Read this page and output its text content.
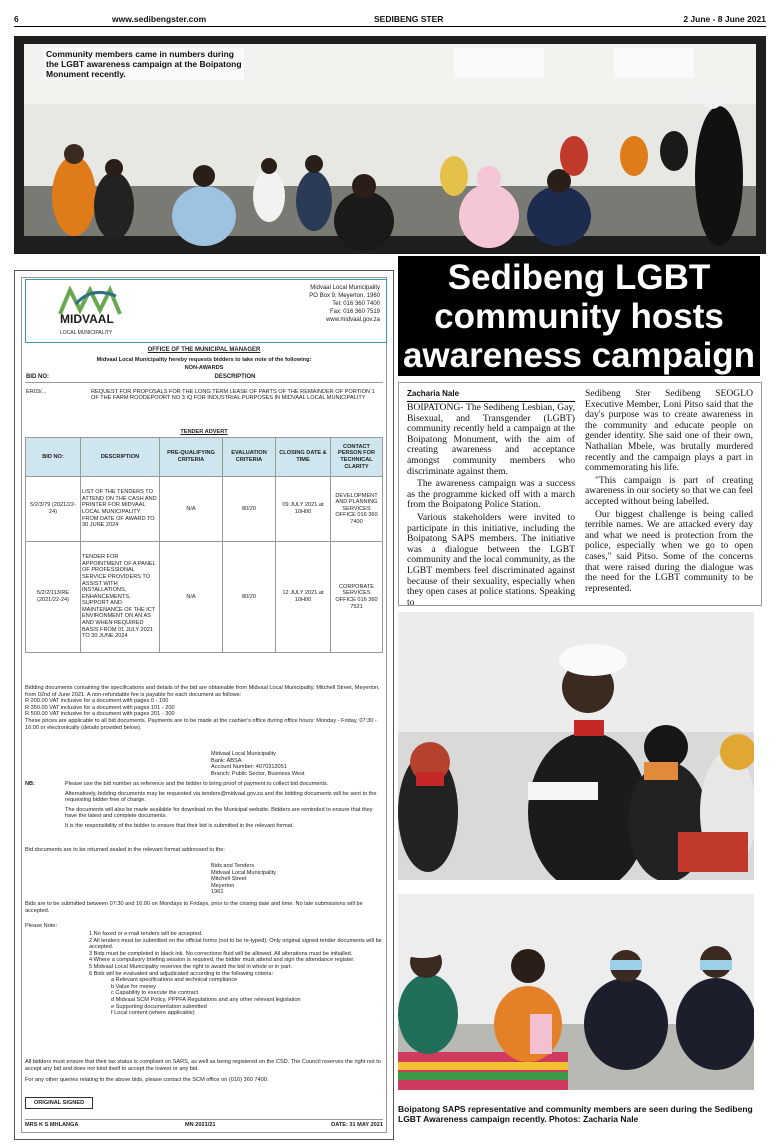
6	www.sedibengster.com	SEDIBENG STER	2 June - 8 June 2021
Community members came in numbers during the LGBT awareness campaign at the Boipatong Monument recently.
Sedibeng LGBT community hosts awareness campaign
Zacharia Nale

BOIPATONG- The Sedibeng Lesbian, Gay, Bisexual, and Transgender (LGBT) community recently held a campaign at the Boipatong Monument, with the aim of creating awareness and acceptance amongst community members who discriminate against them.

The awareness campaign was a success as the programme kicked off with a march from the Boipatong Police Station.

Various stakeholders were invited to participate in this initiative, including the Boipatong SAPS members. The initiative was a dialogue between the LGBT community and the local community, as the LGBT members feel discriminated against because of their sexuality, especially when they open cases at police stations. Speaking to

Sedibeng Ster Sedibeng SEOGLO Executive Member, Loni Pitso said that the day's purpose was to create awareness in the community and educate people on gender identity. She said one of their own, Nathalian Mbele, was brutally murdered recently and the campaign plays a part in commemorating his life.

"This campaign is part of creating awareness in our society so that we can feel accepted without being labelled.

Our biggest challenge is being called terrible names. We are attacked every day and what we need is protection from the police, especially when we go to open cases," said Pitso. Some of the concerns that were raised during the dialogue was the need for the LGBT community to be represented.

Boipatong SAPS representative and community members are seen during the Sedibeng LGBT Awareness campaign recently. Photos: Zacharia Nale
MIDVAAL
LOCAL MUNICIPALITY
Midvaal Local Municipality
PO Box 9, Meyerton, 1960
Tel: 016 360 7400
Fax: 016 360 7519
www.midvaal.gov.za
OFFICE OF THE MUNICIPAL MANAGER
Midvaal Local Municipality hereby requests bidders to take note of the following:
NON-AWARDS
BID NO:	DESCRIPTION
ER03/...	REQUEST FOR PROPOSALS FOR THE LONG TERM LEASE OF PARTS OF THE REMAINDER OF PORTION 1 OF THE FARM ROODEPOORT NO 3 IQ FOR INDUSTRIAL PURPOSES IN MIDVAAL LOCAL MUNICIPALITY
TENDER ADVERT
BID NO:	DESCRIPTION	PRE-QUALIFYING CRITERIA	EVALUATION CRITERIA	CLOSING DATE & TIME	CONTACT PERSON FOR TECHNICAL CLARITY
5/2/3/79 (2021/22-24)	LIST OF THE TENDERS TO ATTEND ON THE CASH AND PRINTER FOR MIDVAAL LOCAL MUNICIPALITY FROM DATE OF AWARD TO 30 JUNE 2024	N/A	80/20	09 JULY 2021 at 10H00	DEVELOPMENT AND PLANNING SERVICES OFFICE 016 360 7400
5/2/2/113/RE (2021/22-24)	TENDER FOR APPOINTMENT OF A PANEL OF PROFESSIONAL SERVICE PROVIDERS TO ASSIST WITH INSTALLATIONS, ENHANCEMENTS, SUPPORT AND MAINTENANCE OF THE ICT ENVIRONMENT ON AN AS AND WHEN REQUIRED BASIS FROM 01 JULY 2021 TO 30 JUNE 2024	N/A	80/20	12 JULY 2021 at 10H00	CORPORATE SERVICES OFFICE 016 360 7521
Bidding documents containing the specifications and details of the bid are obtainable from Midvaal Local Municipality, Mitchell Street, Meyerton, from 02nd of June 2021. A non-refundable fee is payable for each document as follows:
R 200.00 VAT inclusive for a document with pages 0 - 100
R 350.00 VAT inclusive for a document with pages 101 - 200
R 500.00 VAT inclusive for a document with pages 201 - 300
These prices are applicable to all bid documents. Payments are to be made at the cashier's office during office hours: Monday - Friday, 07:30 - 16:00 or electronically (details provided below).
Midvaal Local Municipality
Bank: ABSA
Account Number: 4070313051
Branch: Public Sector, Business West
NB:	Please use the bid number as reference and the bidder to bring proof of payment to collect bid documents.
Alternatively, bidding documents may be requested via tenders@midvaal.gov.za and the bidding documents will be sent to the requesting bidder free of charge.
The documents will also be made available for download on the Municipal website. Bidders are reminded to ensure that they have the latest and complete documents.
It is the responsibility of the bidder to ensure that their bid is submitted in the relevant format.
Bid documents are to be returned sealed in the relevant format addressed to the:
Bids and Tenders
Midvaal Local Municipality
Mitchell Street
Meyerton
1961
Bids are to be submitted between 07:30 and 16:00 on Mondays to Fridays, prior to the closing date and time. No late submissions will be accepted.
Please Note:
1 No faxed or e-mail tenders will be accepted.
2 All tenders must be submitted on the official forms (not to be re-typed). Only original signed tender documents will be accepted.
3 Bids must be completed in black ink. No corrections fluid will be allowed. All alterations must be initialled.
4 Where a compulsory briefing session is required, the bidder must attend and sign the attendance register.
5 Midvaal Local Municipality reserves the right to award the bid in whole or in part.
6 Bids will be evaluated and adjudicated according to the following criteria:
a Relevant specifications and technical compliance
b Value for money
c Capability to execute the contract
d Midvaal SCM Policy, PPPFA Regulations and any other relevant legislation
e Supporting documentation submitted
f Local content (where applicable)
All bidders must ensure that their tax status is compliant on SARS, as well as being registered on the CSD. The Council reserves the right not to accept any bid and does not bind itself to accept the lowest or any bid.
For any other queries relating to the above bids, please contact the SCM office on (016) 360 7400.
ORIGINAL SIGNED
MRS K S MHLANGA	MN 2021/21	DATE: 31 MAY 2021
